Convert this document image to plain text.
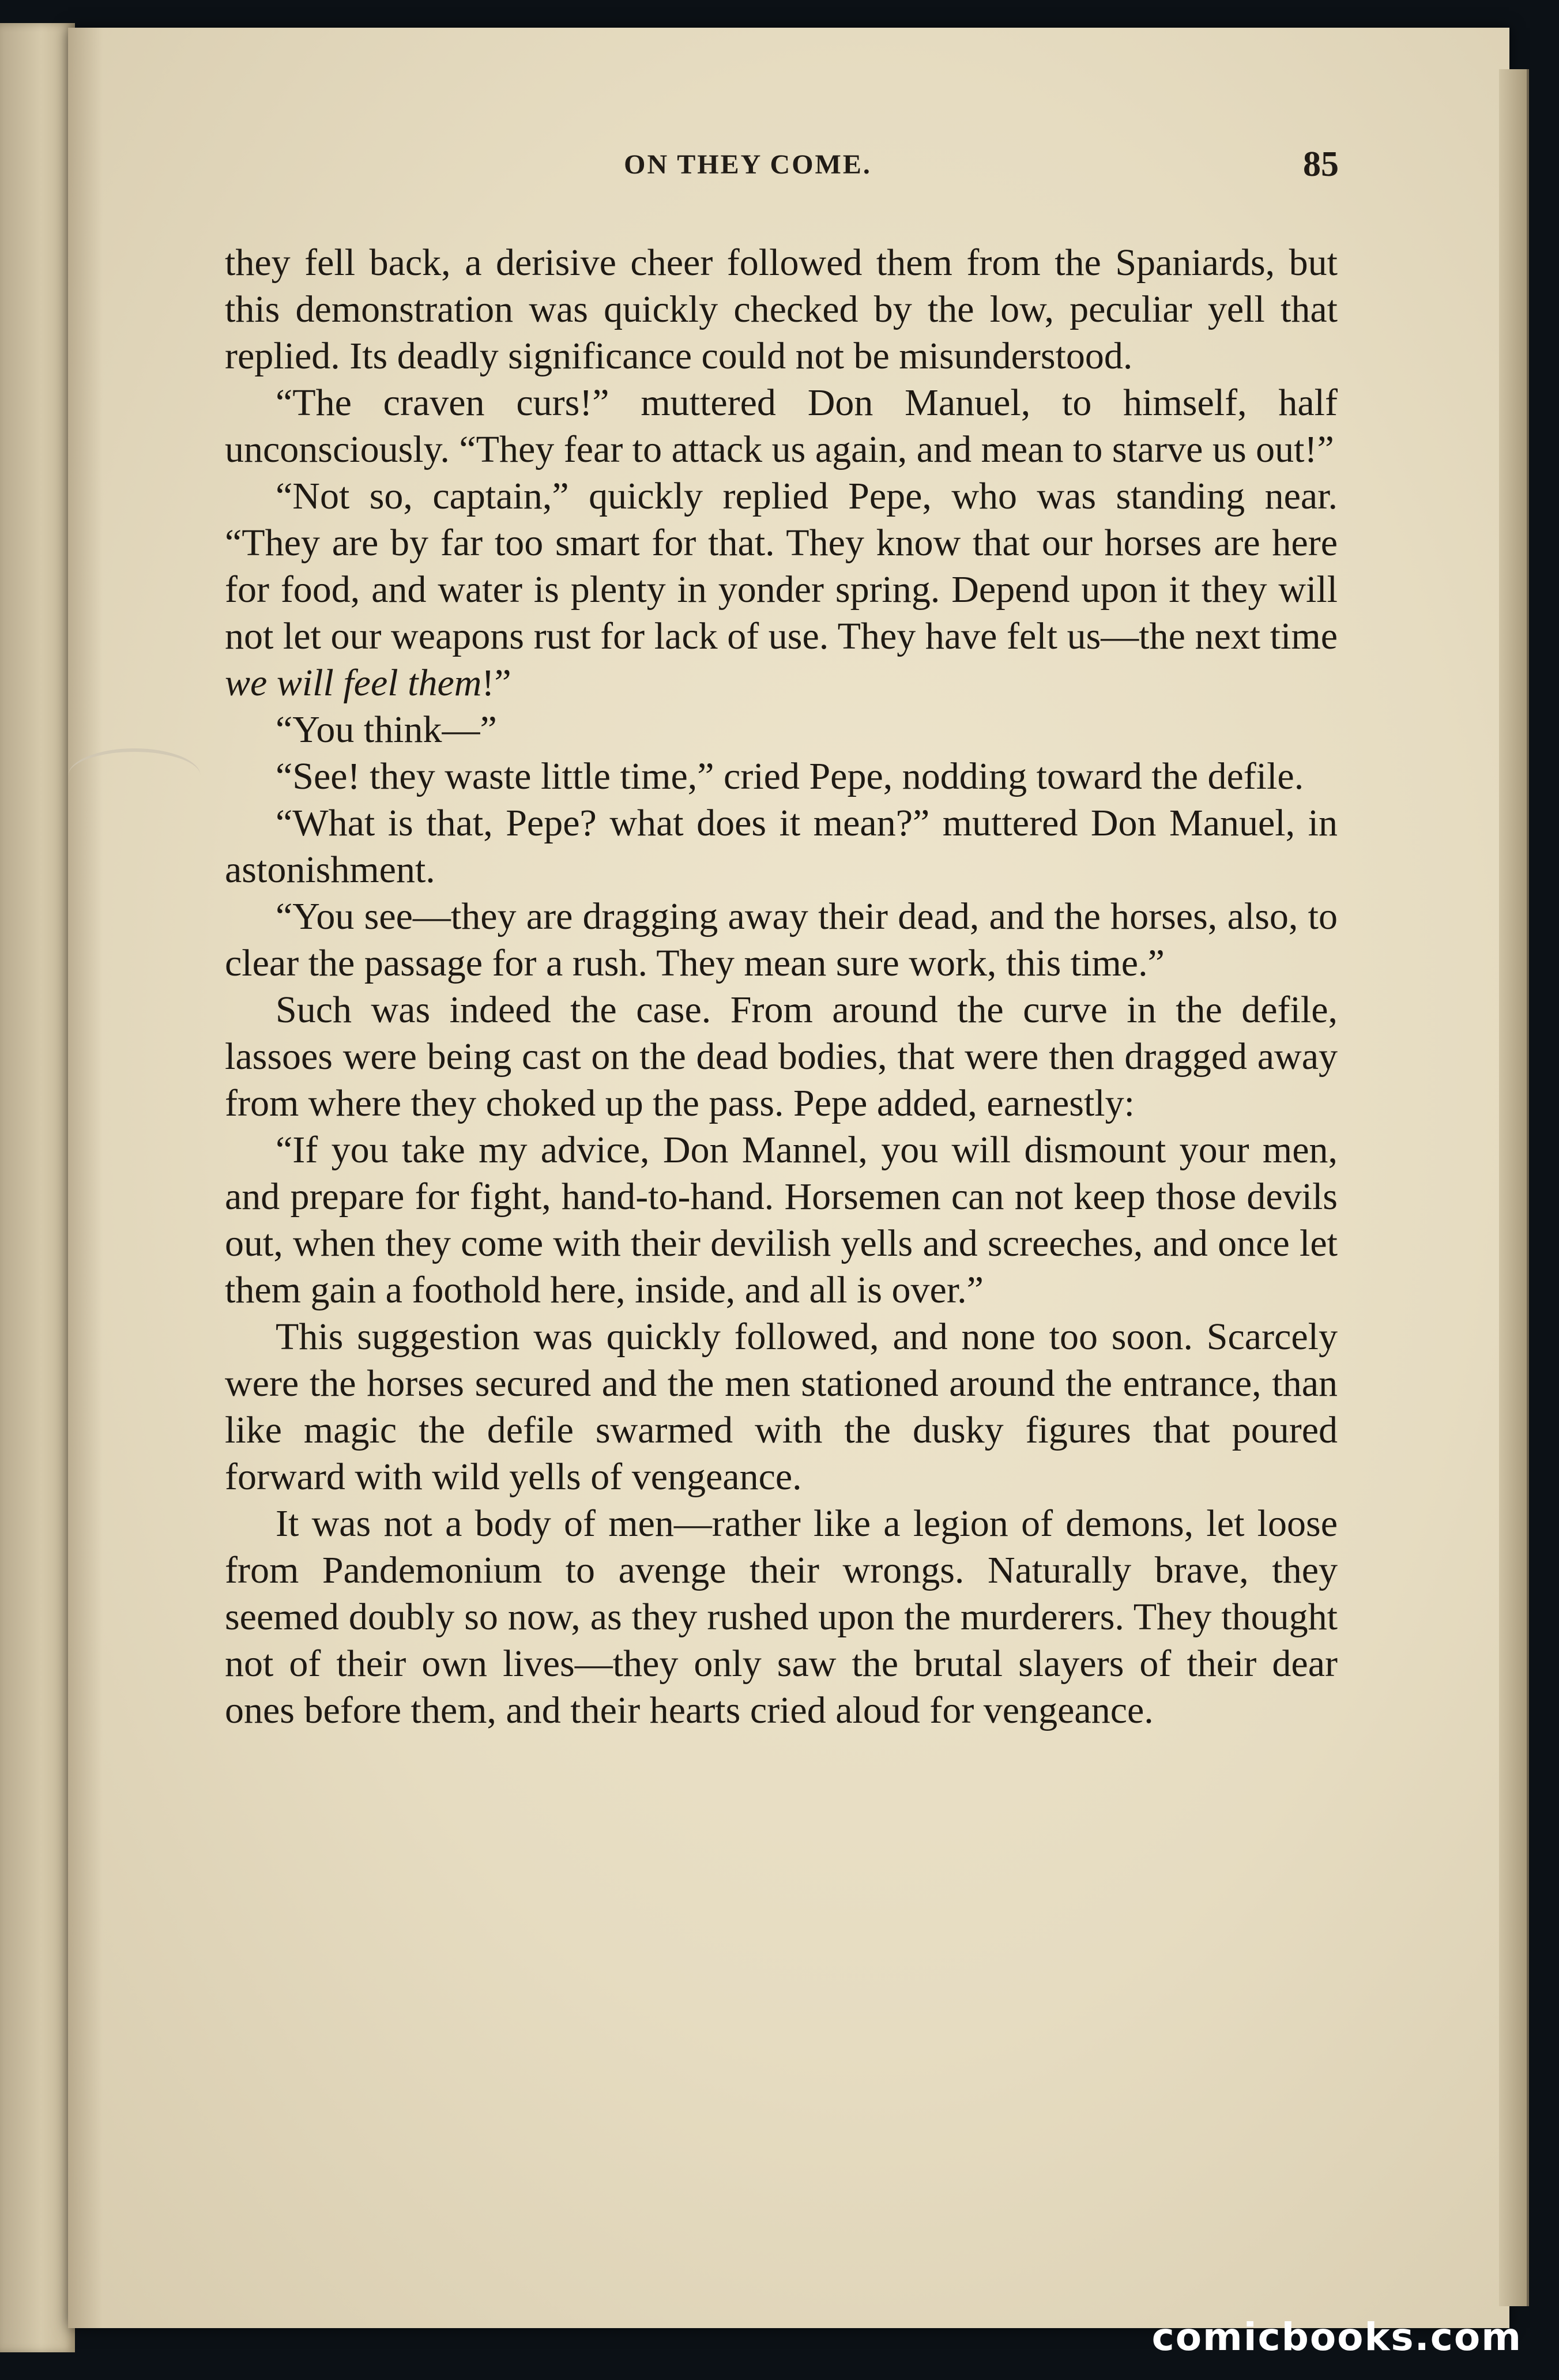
ON THEY COME.	85

they fell back, a derisive cheer followed them from the Spaniards, but this demonstration was quickly checked by the low, peculiar yell that replied. Its deadly significance could not be misunderstood.

“The craven curs!” muttered Don Manuel, to himself, half unconsciously. “They fear to attack us again, and mean to starve us out!”

“Not so, captain,” quickly replied Pepe, who was standing near. “They are by far too smart for that. They know that our horses are here for food, and water is plenty in yonder spring. Depend upon it they will not let our weapons rust for lack of use. They have felt us—the next time we will feel them!”

“You think—”

“See! they waste little time,” cried Pepe, nodding toward the defile.

“What is that, Pepe? what does it mean?” muttered Don Manuel, in astonishment.

“You see—they are dragging away their dead, and the horses, also, to clear the passage for a rush. They mean sure work, this time.”

Such was indeed the case. From around the curve in the defile, lassoes were being cast on the dead bodies, that were then dragged away from where they choked up the pass. Pepe added, earnestly:

“If you take my advice, Don Mannel, you will dismount your men, and prepare for fight, hand-to-hand. Horsemen can not keep those devils out, when they come with their devilish yells and screeches, and once let them gain a foothold here, inside, and all is over.”

This suggestion was quickly followed, and none too soon. Scarcely were the horses secured and the men stationed around the entrance, than like magic the defile swarmed with the dusky figures that poured forward with wild yells of vengeance.

It was not a body of men—rather like a legion of demons, let loose from Pandemonium to avenge their wrongs. Naturally brave, they seemed doubly so now, as they rushed upon the murderers. They thought not of their own lives—they only saw the brutal slayers of their dear ones before them, and their hearts cried aloud for vengeance.

comicbooks.com
